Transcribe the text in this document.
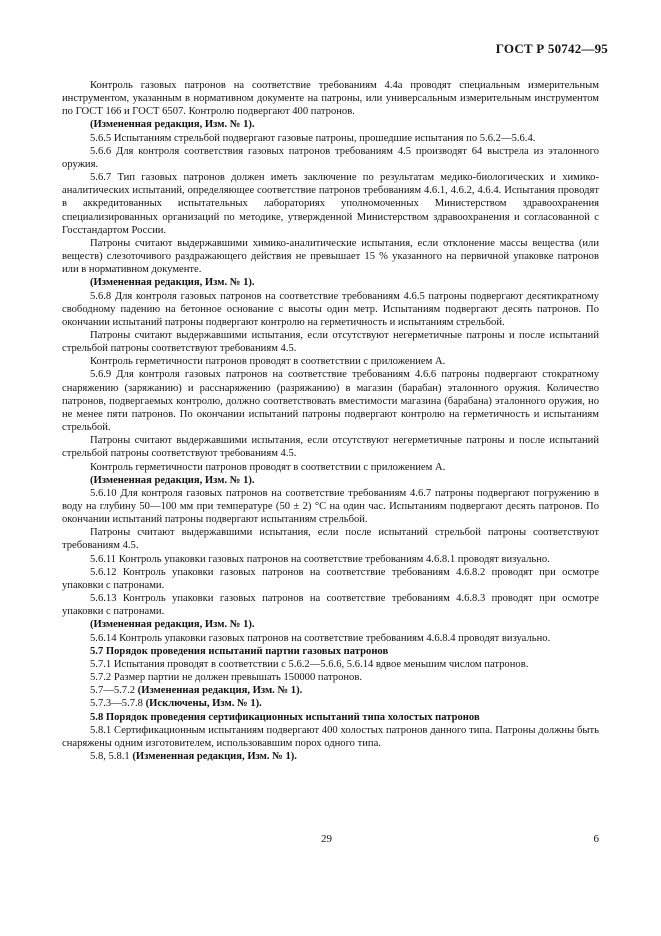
ГОСТ Р 50742—95

Контроль газовых патронов на соответствие требованиям 4.4а проводят специальным измерительным инструментом, указанным в нормативном документе на патроны, или универсальным измерительным инструментом по ГОСТ 166 и ГОСТ 6507. Контролю подвергают 400 патронов.

(Измененная редакция, Изм. № 1).

5.6.5 Испытаниям стрельбой подвергают газовые патроны, прошедшие испытания по 5.6.2—5.6.4.

5.6.6 Для контроля соответствия газовых патронов требованиям 4.5 производят 64 выстрела из эталонного оружия.

5.6.7 Тип газовых патронов должен иметь заключение по результатам медико-биологических и химико-аналитических испытаний, определяющее соответствие патронов требованиям 4.6.1, 4.6.2, 4.6.4. Испытания проводят в аккредитованных испытательных лабораториях уполномоченных Министерством здравоохранения специализированных организаций по методике, утвержденной Министерством здравоохранения и согласованной с Госстандартом России.

Патроны считают выдержавшими химико-аналитические испытания, если отклонение массы вещества (или веществ) слезоточивого раздражающего действия не превышает 15 % указанного на первичной упаковке патронов или в нормативном документе.

(Измененная редакция, Изм. № 1).

5.6.8 Для контроля газовых патронов на соответствие требованиям 4.6.5 патроны подвергают десятикратному свободному падению на бетонное основание с высоты один метр. Испытаниям подвергают десять патронов. По окончании испытаний патроны подвергают контролю на герметичность и испытаниям стрельбой.

Патроны считают выдержавшими испытания, если отсутствуют негерметичные патроны и после испытаний стрельбой патроны соответствуют требованиям 4.5.

Контроль герметичности патронов проводят в соответствии с приложением А.

5.6.9 Для контроля газовых патронов на соответствие требованиям 4.6.6 патроны подвергают стократному снаряжению (заряжанию) и расснаряжению (разряжанию) в магазин (барабан) эталонного оружия. Количество патронов, подвергаемых контролю, должно соответствовать вместимости магазина (барабана) эталонного оружия, но не менее пяти патронов. По окончании испытаний патроны подвергают контролю на герметичность и испытаниям стрельбой.

Патроны считают выдержавшими испытания, если отсутствуют негерметичные патроны и после испытаний стрельбой патроны соответствуют требованиям 4.5.

Контроль герметичности патронов проводят в соответствии с приложением А.

(Измененная редакция, Изм. № 1).

5.6.10 Для контроля газовых патронов на соответствие требованиям 4.6.7 патроны подвергают погружению в воду на глубину 50—100 мм при температуре (50 ± 2) °С на один час. Испытаниям подвергают десять патронов. По окончании испытаний патроны подвергают испытаниям стрельбой.

Патроны считают выдержавшими испытания, если после испытаний стрельбой патроны соответствуют требованиям 4.5.

5.6.11 Контроль упаковки газовых патронов на соответствие требованиям 4.6.8.1 проводят визуально.

5.6.12 Контроль упаковки газовых патронов на соответствие требованиям 4.6.8.2 проводят при осмотре упаковки с патронами.

5.6.13 Контроль упаковки газовых патронов на соответствие требованиям 4.6.8.3 проводят при осмотре упаковки с патронами.

(Измененная редакция, Изм. № 1).

5.6.14 Контроль упаковки газовых патронов на соответствие требованиям 4.6.8.4 проводят визуально.

5.7 Порядок проведения испытаний партии газовых патронов

5.7.1 Испытания проводят в соответствии с 5.6.2—5.6.6, 5.6.14 вдвое меньшим числом патронов.

5.7.2 Размер партии не должен превышать 150000 патронов.

5.7—5.7.2 (Измененная редакция, Изм. № 1).

5.7.3—5.7.8 (Исключены, Изм. № 1).

5.8 Порядок проведения сертификационных испытаний типа холостых патронов

5.8.1 Сертификационным испытаниям подвергают 400 холостых патронов данного типа. Патроны должны быть снаряжены одним изготовителем, использовавшим порох одного типа.

5.8, 5.8.1 (Измененная редакция, Изм. № 1).

29	6
